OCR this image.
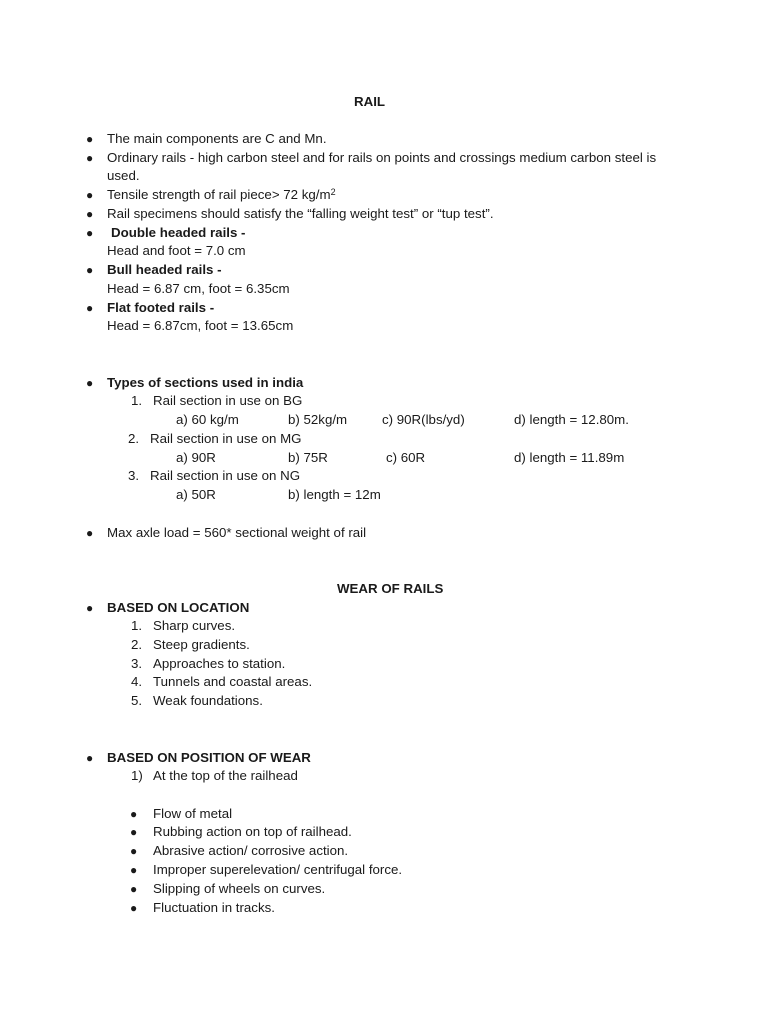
RAIL
● The main components are C and Mn.
● Ordinary rails - high carbon steel and for rails on points and crossings medium carbon steel is
used.
● Tensile strength of rail piece> 72 $kg/m^2$
● Rail specimens should satisfy the “falling weight test” or “tup test”.
● Double headed rails -
Head and foot = 7.0 cm
● Bull headed rails -
Head = 6.87 cm, foot = 6.35cm
● Flat footed rails -
Head = 6.87cm, foot = 13.65cm
● Types of sections used in india
1. Rail section in use on BG
a) 60 kg/m	b) 52kg/m	c) 90R(lbs/yd)	d) length = 12.80m.
2. Rail section in use on MG
a) 90R	b) 75R	c) 60R	d) length = 11.89m
3. Rail section in use on NG
a) 50R	b) length = 12m
● Max axle load = 560* sectional weight of rail
WEAR OF RAILS
● BASED ON LOCATION
1. Sharp curves.
2. Steep gradients.
3. Approaches to station.
4. Tunnels and coastal areas.
5. Weak foundations.
● BASED ON POSITION OF WEAR
1) At the top of the railhead
● Flow of metal
● Rubbing action on top of railhead.
● Abrasive action/ corrosive action.
● Improper superelevation/ centrifugal force.
● Slipping of wheels on curves.
● Fluctuation in tracks.
